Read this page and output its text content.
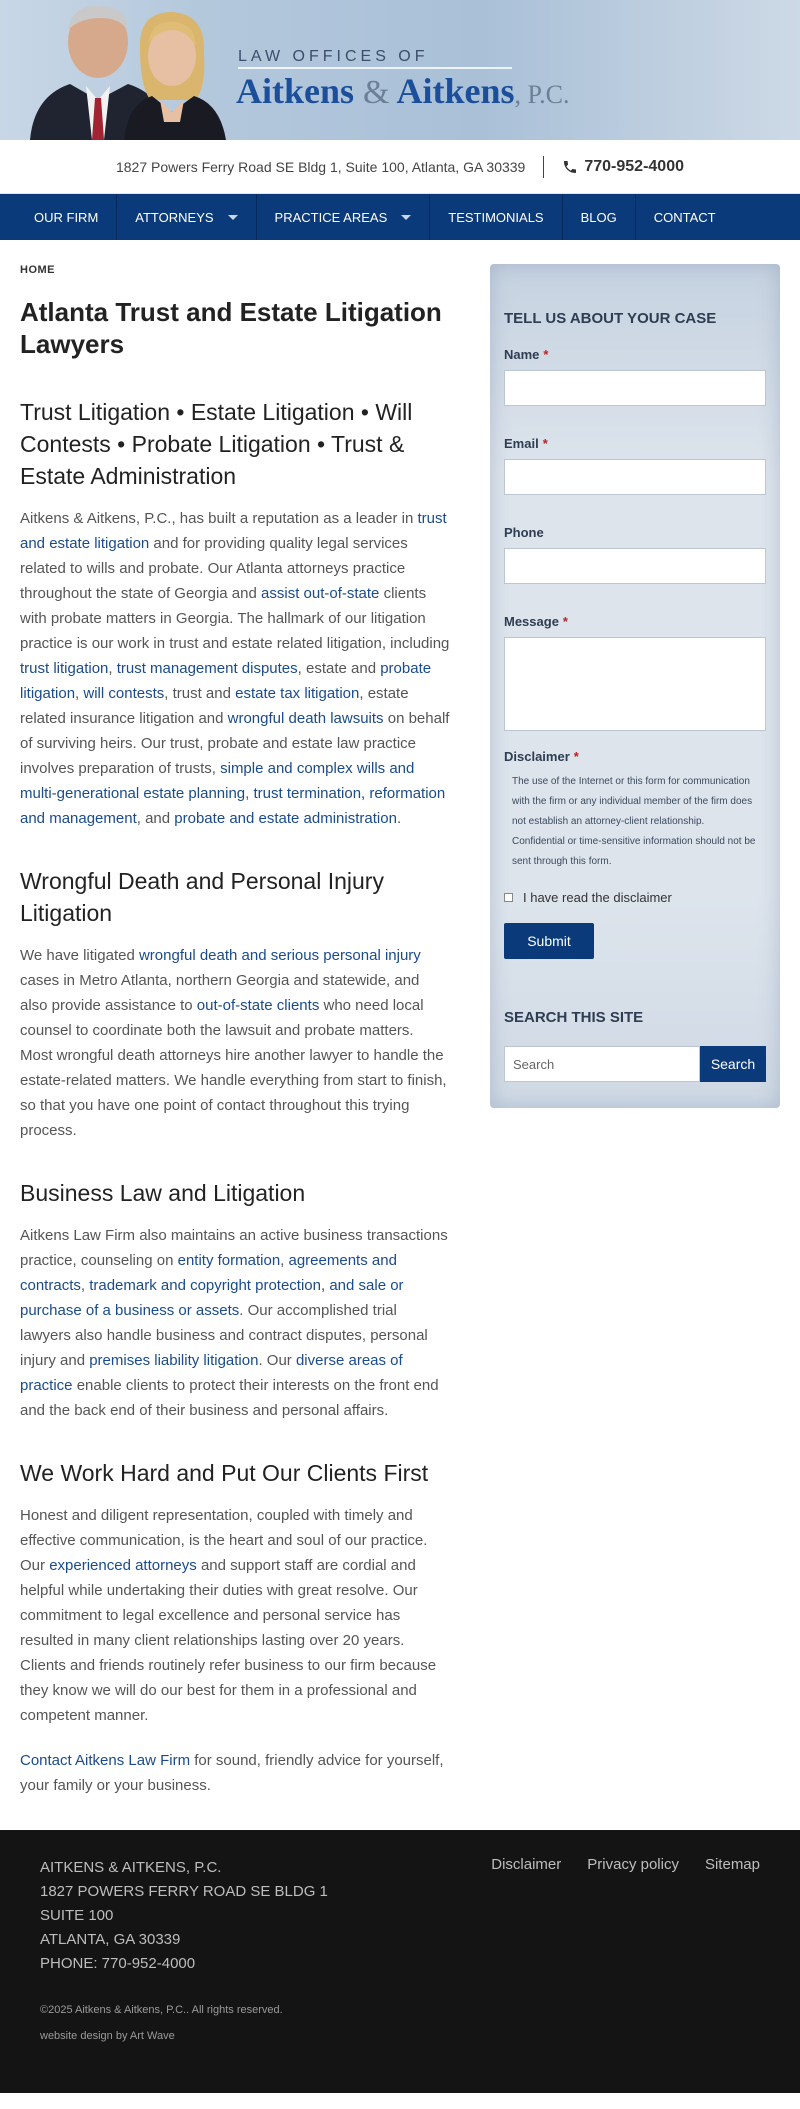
LAW OFFICES OF
Aitkens & Aitkens, P.C.
1827 Powers Ferry Road SE Bldg 1, Suite 100, Atlanta, GA 30339	770-952-4000
OUR FIRM	ATTORNEYS	PRACTICE AREAS	TESTIMONIALS	BLOG	CONTACT
HOME
Atlanta Trust and Estate Litigation Lawyers
Trust Litigation • Estate Litigation • Will Contests • Probate Litigation • Trust & Estate Administration

Aitkens & Aitkens, P.C., has built a reputation as a leader in trust and estate litigation and for providing quality legal services related to wills and probate. Our Atlanta attorneys practice throughout the state of Georgia and assist out-of-state clients with probate matters in Georgia. The hallmark of our litigation practice is our work in trust and estate related litigation, including trust litigation, trust management disputes, estate and probate litigation, will contests, trust and estate tax litigation, estate related insurance litigation and wrongful death lawsuits on behalf of surviving heirs. Our trust, probate and estate law practice involves preparation of trusts, simple and complex wills and multi-generational estate planning, trust termination, reformation and management, and probate and estate administration.

Wrongful Death and Personal Injury Litigation

We have litigated wrongful death and serious personal injury cases in Metro Atlanta, northern Georgia and statewide, and also provide assistance to out-of-state clients who need local counsel to coordinate both the lawsuit and probate matters. Most wrongful death attorneys hire another lawyer to handle the estate-related matters. We handle everything from start to finish, so that you have one point of contact throughout this trying process.

Business Law and Litigation

Aitkens Law Firm also maintains an active business transactions practice, counseling on entity formation, agreements and contracts, trademark and copyright protection, and sale or purchase of a business or assets. Our accomplished trial lawyers also handle business and contract disputes, personal injury and premises liability litigation. Our diverse areas of practice enable clients to protect their interests on the front end and the back end of their business and personal affairs.

We Work Hard and Put Our Clients First

Honest and diligent representation, coupled with timely and effective communication, is the heart and soul of our practice. Our experienced attorneys and support staff are cordial and helpful while undertaking their duties with great resolve. Our commitment to legal excellence and personal service has resulted in many client relationships lasting over 20 years. Clients and friends routinely refer business to our firm because they know we will do our best for them in a professional and competent manner.

Contact Aitkens Law Firm for sound, friendly advice for yourself, your family or your business.

TELL US ABOUT YOUR CASE
Name *
Email *
Phone
Message *
Disclaimer *
The use of the Internet or this form for communication with the firm or any individual member of the firm does not establish an attorney-client relationship. Confidential or time-sensitive information should not be sent through this form.
I have read the disclaimer
Submit
SEARCH THIS SITE
Search	Search
AITKENS & AITKENS, P.C.
1827 POWERS FERRY ROAD SE BLDG 1
SUITE 100
ATLANTA, GA 30339
PHONE: 770-952-4000
Disclaimer Privacy policy Sitemap
©2025 Aitkens & Aitkens, P.C.. All rights reserved.
website design by Art Wave
